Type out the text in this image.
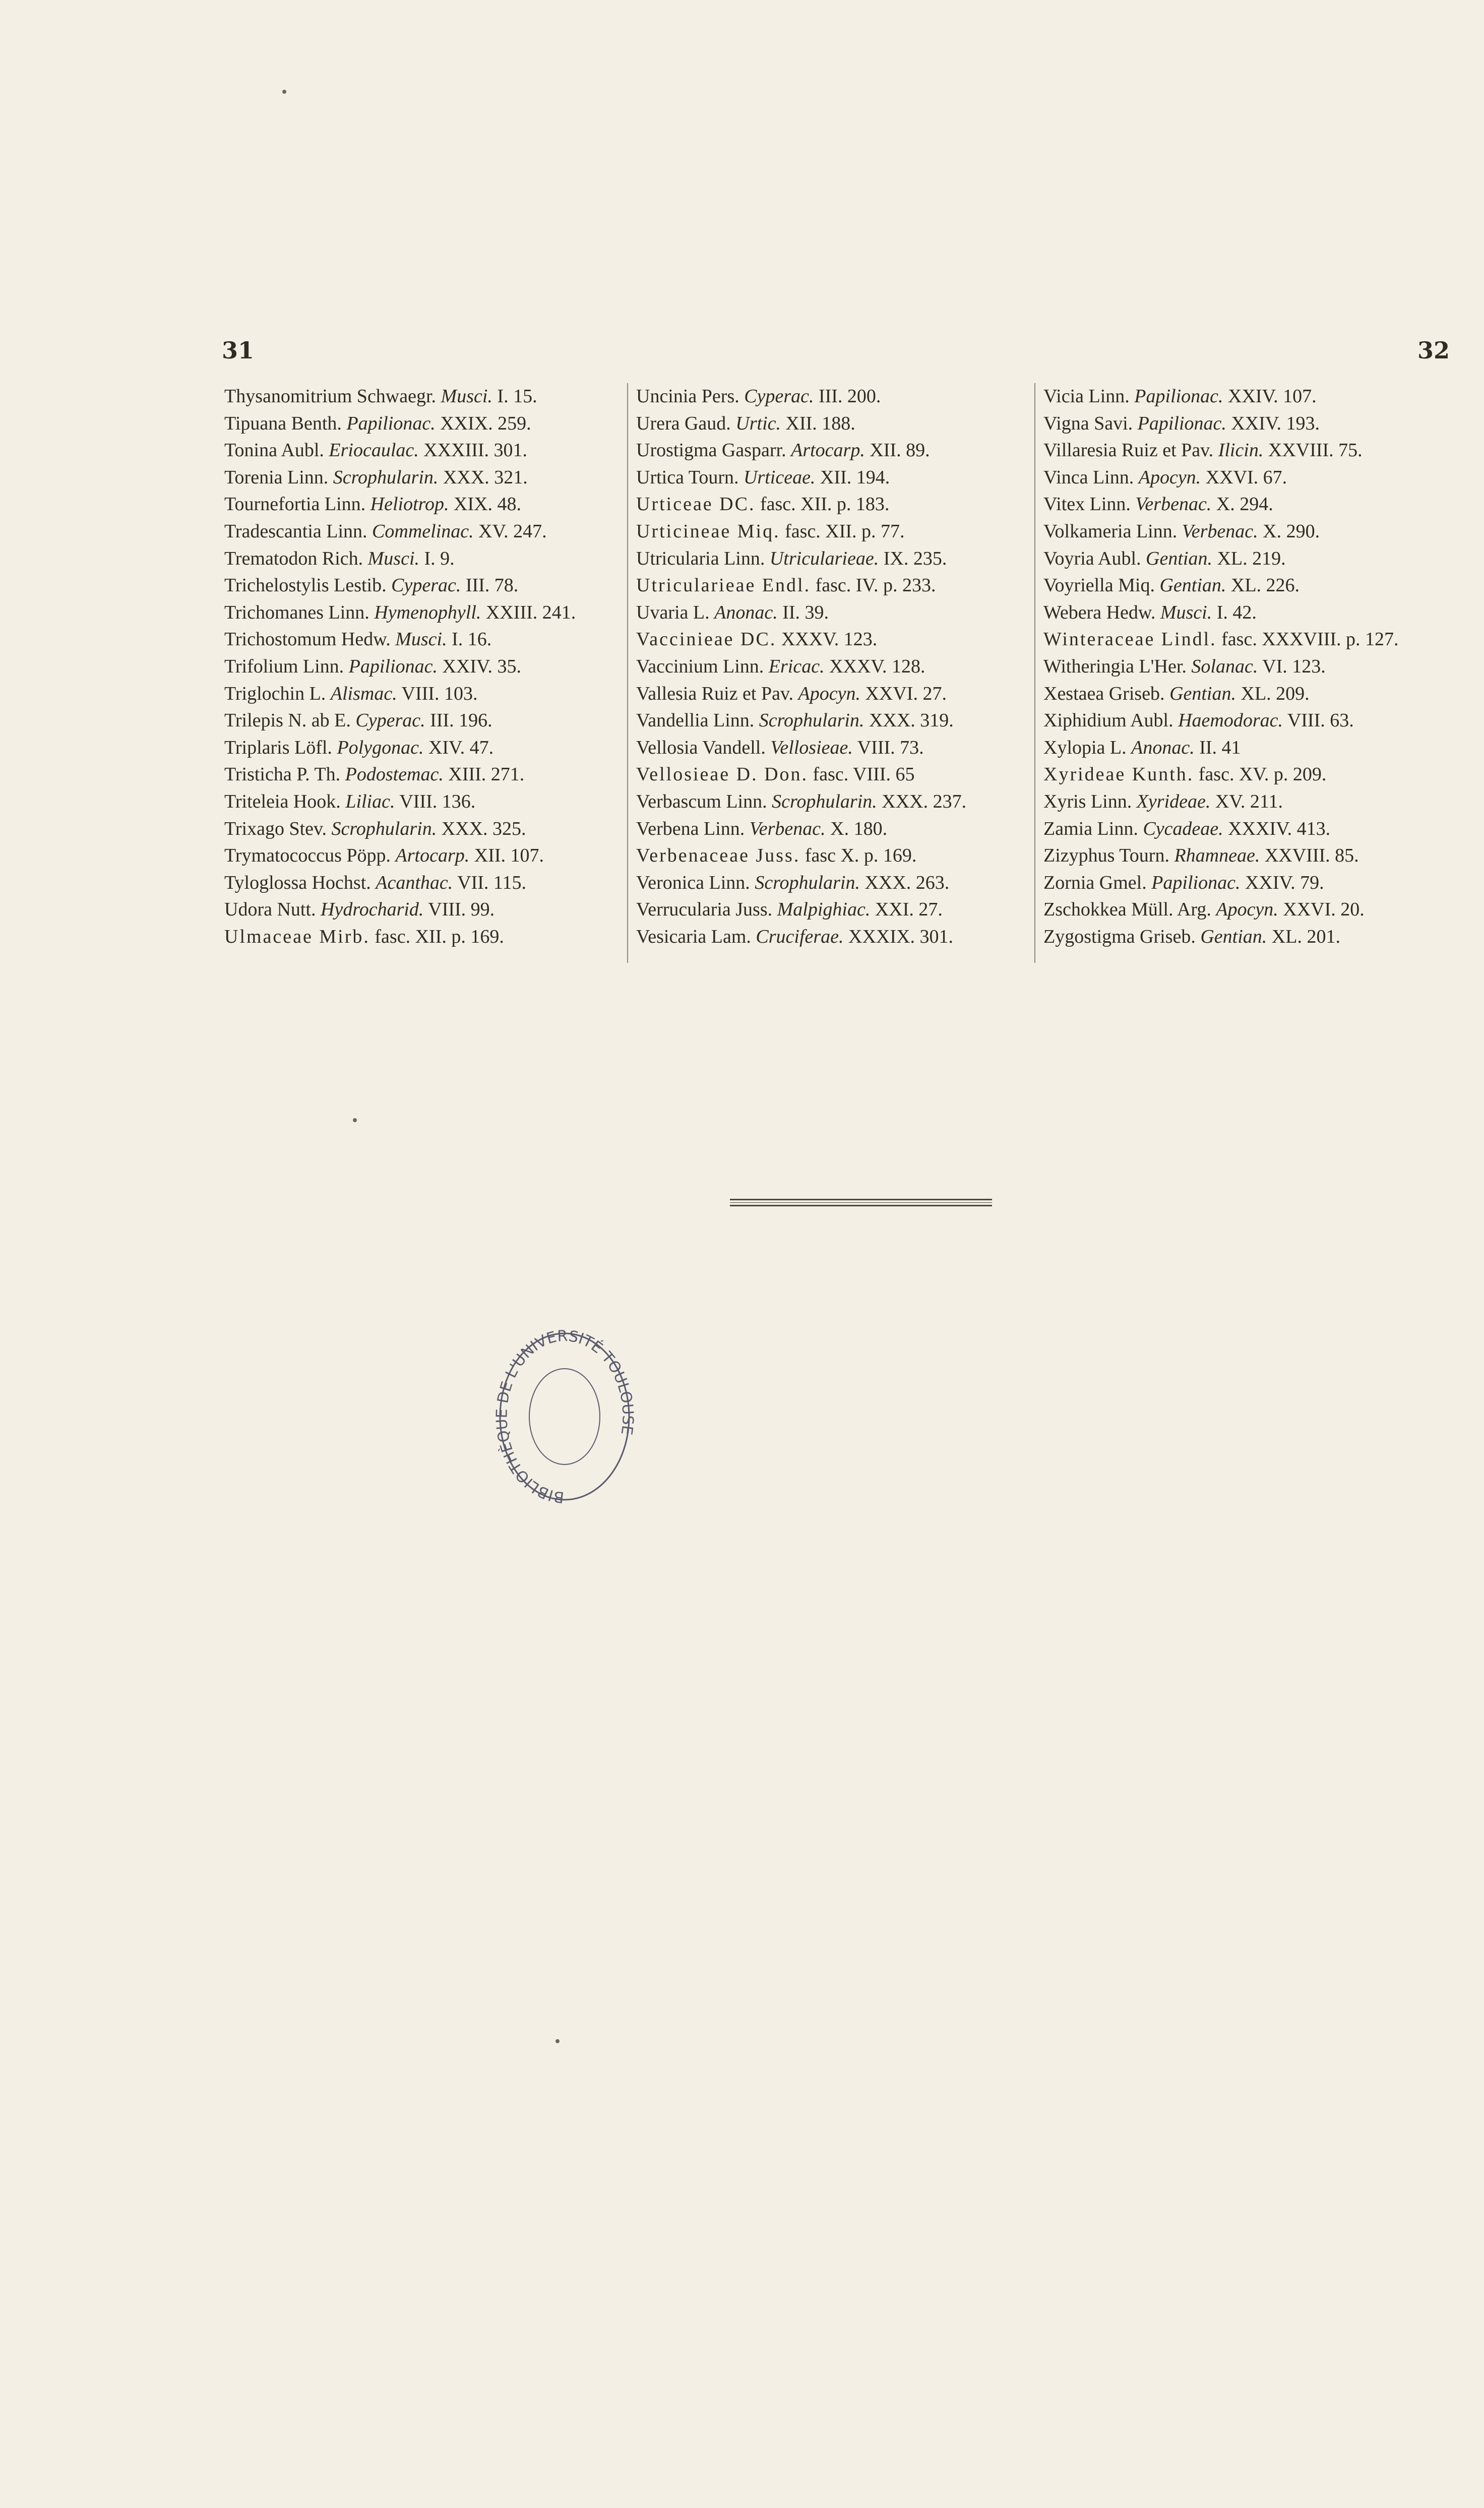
31	32
Thysanomitrium Schwaegr. Musci. I. 15.
Tipuana Benth. Papilionac. XXIX. 259.
Tonina Aubl. Eriocaulac. XXXIII. 301.
Torenia Linn. Scrophularin. XXX. 321.
Tournefortia Linn. Heliotrop. XIX. 48.
Tradescantia Linn. Commelinac. XV. 247.
Trematodon Rich. Musci. I. 9.
Trichelostylis Lestib. Cyperac. III. 78.
Trichomanes Linn. Hymenophyll. XXIII. 241.
Trichostomum Hedw. Musci. I. 16.
Trifolium Linn. Papilionac. XXIV. 35.
Triglochin L. Alismac. VIII. 103.
Trilepis N. ab E. Cyperac. III. 196.
Triplaris Löfl. Polygonac. XIV. 47.
Tristicha P. Th. Podostemac. XIII. 271.
Triteleia Hook. Liliac. VIII. 136.
Trixago Stev. Scrophularin. XXX. 325.
Trymatococcus Pöpp. Artocarp. XII. 107.
Tyloglossa Hochst. Acanthac. VII. 115.
Udora Nutt. Hydrocharid. VIII. 99.
Ulmaceae Mirb. fasc. XII. p. 169.
Uncinia Pers. Cyperac. III. 200.
Urera Gaud. Urtic. XII. 188.
Urostigma Gasparr. Artocarp. XII. 89.
Urtica Tourn. Urticeae. XII. 194.
Urticeae DC. fasc. XII. p. 183.
Urticineae Miq. fasc. XII. p. 77.
Utricularia Linn. Utricularieae. IX. 235.
Utricularieae Endl. fasc. IV. p. 233.
Uvaria L. Anonac. II. 39.
Vaccinieae DC. XXXV. 123.
Vaccinium Linn. Ericac. XXXV. 128.
Vallesia Ruiz et Pav. Apocyn. XXVI. 27.
Vandellia Linn. Scrophularin. XXX. 319.
Vellosia Vandell. Vellosieae. VIII. 73.
Vellosieae D. Don. fasc. VIII. 65
Verbascum Linn. Scrophularin. XXX. 237.
Verbena Linn. Verbenac. X. 180.
Verbenaceae Juss. fasc X. p. 169.
Veronica Linn. Scrophularin. XXX. 263.
Verrucularia Juss. Malpighiac. XXI. 27.
Vesicaria Lam. Cruciferae. XXXIX. 301.
Vicia Linn. Papilionac. XXIV. 107.
Vigna Savi. Papilionac. XXIV. 193.
Villaresia Ruiz et Pav. Ilicin. XXVIII. 75.
Vinca Linn. Apocyn. XXVI. 67.
Vitex Linn. Verbenac. X. 294.
Volkameria Linn. Verbenac. X. 290.
Voyria Aubl. Gentian. XL. 219.
Voyriella Miq. Gentian. XL. 226.
Webera Hedw. Musci. I. 42.
Winteraceae Lindl. fasc. XXXVIII. p. 127.
Witheringia L'Her. Solanac. VI. 123.
Xestaea Griseb. Gentian. XL. 209.
Xiphidium Aubl. Haemodorac. VIII. 63.
Xylopia L. Anonac. II. 41
Xyrideae Kunth. fasc. XV. p. 209.
Xyris Linn. Xyrideae. XV. 211.
Zamia Linn. Cycadeae. XXXIV. 413.
Zizyphus Tourn. Rhamneae. XXVIII. 85.
Zornia Gmel. Papilionac. XXIV. 79.
Zschokkea Müll. Arg. Apocyn. XXVI. 20.
Zygostigma Griseb. Gentian. XL. 201.
BIBLIOTHÈQUE DE L'UNIVERSITÉ TOULOUSE
